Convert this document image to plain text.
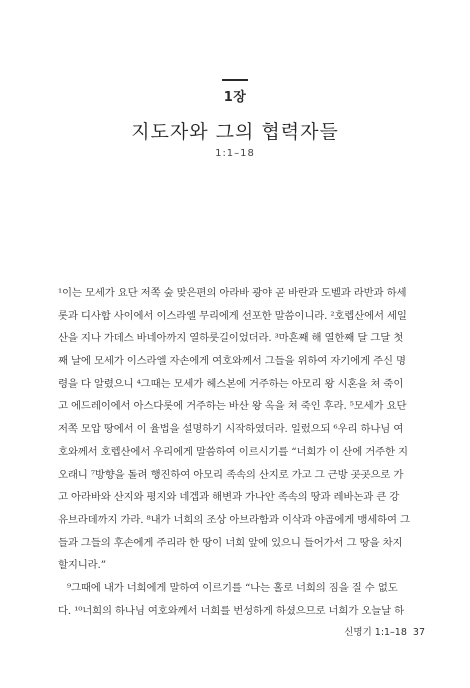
1장
지도자와 그의 협력자들
1:1–18
¹이는 모세가 요단 저쪽 숲 맞은편의 아라바 광야 곧 바란과 도벨과 라반과 하세
롯과 디사합 사이에서 이스라엘 무리에게 선포한 말씀이니라. ²호렙산에서 세일
산을 지나 가데스 바네아까지 열하룻길이었더라. ³마흔째 해 열한째 달 그달 첫
째 날에 모세가 이스라엘 자손에게 여호와께서 그들을 위하여 자기에게 주신 명
령을 다 알렸으니 ⁴그때는 모세가 헤스본에 거주하는 아모리 왕 시혼을 쳐 죽이
고 에드레이에서 아스다롯에 거주하는 바산 왕 옥을 쳐 죽인 후라. ⁵모세가 요단
저쪽 모압 땅에서 이 율법을 설명하기 시작하였더라. 일렀으되 ⁶우리 하나님 여
호와께서 호렙산에서 우리에게 말씀하여 이르시기를 “너희가 이 산에 거주한 지
오래니 ⁷방향을 돌려 행진하여 아모리 족속의 산지로 가고 그 근방 곳곳으로 가
고 아라바와 산지와 평지와 네겝과 해변과 가나안 족속의 땅과 레바논과 큰 강
유브라데까지 가라. ⁸내가 너희의 조상 아브라함과 이삭과 야곱에게 맹세하여 그
들과 그들의 후손에게 주리라 한 땅이 너희 앞에 있으니 들어가서 그 땅을 차지
할지니라.”
⁹그때에 내가 너희에게 말하여 이르기를 “나는 홀로 너희의 짐을 질 수 없도
다. ¹⁰너희의 하나님 여호와께서 너희를 번성하게 하셨으므로 너희가 오늘날 하
신명기 1:1–18 37
